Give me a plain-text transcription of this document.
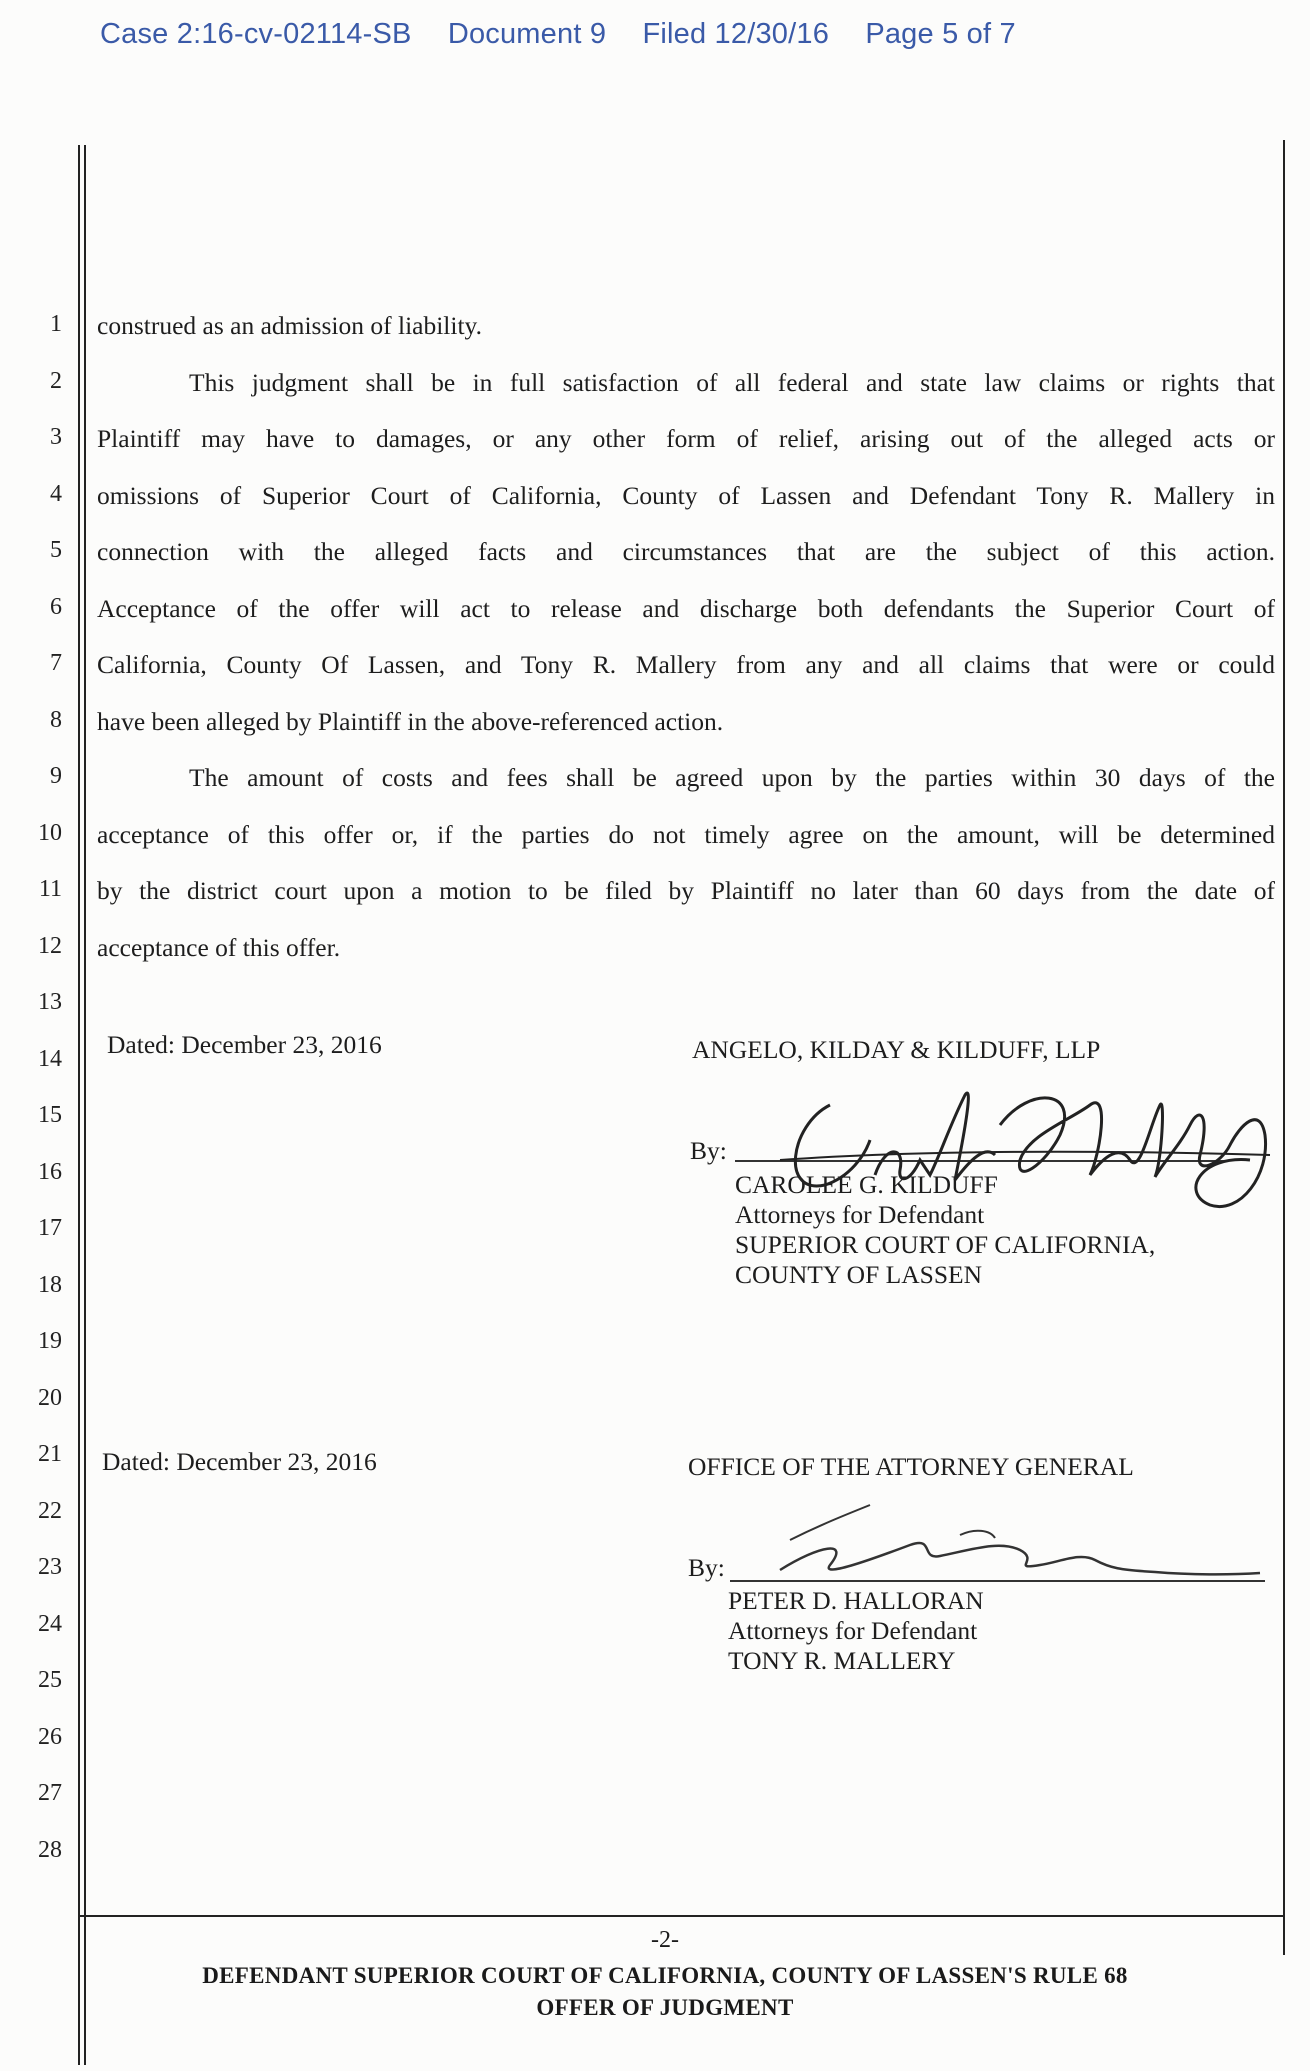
Case 2:16-cv-02114-SB Document 9 Filed 12/30/16 Page 5 of 7
1
2
3
4
5
6
7
8
9
10
11
12
13
14
15
16
17
18
19
20
21
22
23
24
25
26
27
28
construed as an admission of liability.
This judgment shall be in full satisfaction of all federal and state law claims or rights that
Plaintiff may have to damages, or any other form of relief, arising out of the alleged acts or
omissions of Superior Court of California, County of Lassen and Defendant Tony R. Mallery in
connection with the alleged facts and circumstances that are the subject of this action.
Acceptance of the offer will act to release and discharge both defendants the Superior Court of
California, County Of Lassen, and Tony R. Mallery from any and all claims that were or could
have been alleged by Plaintiff in the above-referenced action.
The amount of costs and fees shall be agreed upon by the parties within 30 days of the
acceptance of this offer or, if the parties do not timely agree on the amount, will be determined
by the district court upon a motion to be filed by Plaintiff no later than 60 days from the date of
acceptance of this offer.
Dated: December 23, 2016	ANGELO, KILDAY & KILDUFF, LLP
By:
CAROLEE G. KILDUFF
Attorneys for Defendant
SUPERIOR COURT OF CALIFORNIA,
COUNTY OF LASSEN
Dated: December 23, 2016	OFFICE OF THE ATTORNEY GENERAL
By:
PETER D. HALLORAN
Attorneys for Defendant
TONY R. MALLERY
-2-
DEFENDANT SUPERIOR COURT OF CALIFORNIA, COUNTY OF LASSEN'S RULE 68
OFFER OF JUDGMENT
